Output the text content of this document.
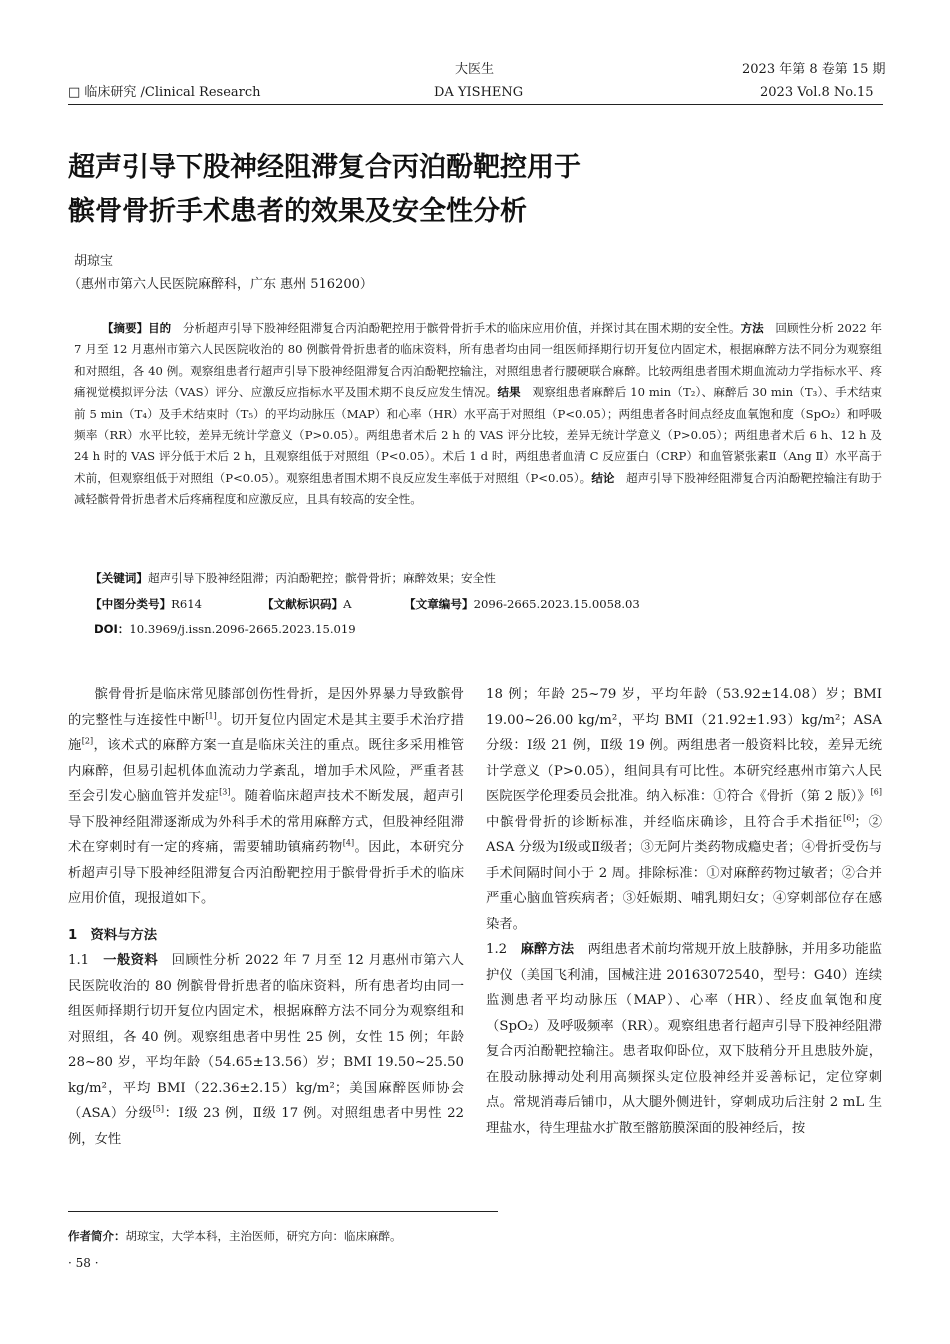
大医生
DA YISHENG
□ 临床研究 /Clinical Research
2023 年第 8 卷第 15 期
2023 Vol.8 No.15
超声引导下股神经阻滞复合丙泊酚靶控用于
髌骨骨折手术患者的效果及安全性分析
胡琼宝
（惠州市第六人民医院麻醉科，广东 惠州 516200）
【摘要】目的　 分析超声引导下股神经阻滞复合丙泊酚靶控用于髌骨骨折手术的临床应用价值，并探讨其在围术期的安全性。方法　 回顾性分析 2022 年 7 月至 12 月惠州市第六人民医院收治的 80 例髌骨骨折患者的临床资料，所有患者均由同一组医师择期行切开复位内固定术，根据麻醉方法不同分为观察组和对照组，各 40 例。观察组患者行超声引导下股神经阻滞复合丙泊酚靶控输注，对照组患者行腰硬联合麻醉。比较两组患者围术期血流动力学指标水平、疼痛视觉模拟评分法（VAS）评分、应激反应指标水平及围术期不良反应发生情况。结果　 观察组患者麻醉后 10 min（T₂）、麻醉后 30 min（T₃）、手术结束前 5 min（T₄）及手术结束时（T₅）的平均动脉压（MAP）和心率（HR）水平高于对照组（P<0.05）；两组患者各时间点经皮血氧饱和度（SpO₂）和呼吸频率（RR）水平比较，差异无统计学意义（P>0.05）。两组患者术后 2 h 的 VAS 评分比较，差异无统计学意义（P>0.05）；两组患者术后 6 h、12 h 及 24 h 时的 VAS 评分低于术后 2 h，且观察组低于对照组（P<0.05）。术后 1 d 时，两组患者血清 C 反应蛋白（CRP）和血管紧张素Ⅱ（Ang Ⅱ）水平高于术前，但观察组低于对照组（P<0.05）。观察组患者围术期不良反应发生率低于对照组（P<0.05）。结论　 超声引导下股神经阻滞复合丙泊酚靶控输注有助于减轻髌骨骨折患者术后疼痛程度和应激反应，且具有较高的安全性。
【关键词】超声引导下股神经阻滞；丙泊酚靶控；髌骨骨折；麻醉效果；安全性
【中图分类号】R614	【文献标识码】A	【文章编号】2096-2665.2023.15.0058.03
DOI：10.3969/j.issn.2096-2665.2023.15.019

髌骨骨折是临床常见膝部创伤性骨折，是因外界暴力导致髌骨的完整性与连接性中断[1]。切开复位内固定术是其主要手术治疗措施[2]，该术式的麻醉方案一直是临床关注的重点。既往多采用椎管内麻醉，但易引起机体血流动力学紊乱，增加手术风险，严重者甚至会引发心脑血管并发症[3]。随着临床超声技术不断发展，超声引导下股神经阻滞逐渐成为外科手术的常用麻醉方式，但股神经阻滞术在穿刺时有一定的疼痛，需要辅助镇痛药物[4]。因此，本研究分析超声引导下股神经阻滞复合丙泊酚靶控用于髌骨骨折手术的临床应用价值，现报道如下。

1　资料与方法

1.1　一般资料　回顾性分析 2022 年 7 月至 12 月惠州市第六人民医院收治的 80 例髌骨骨折患者的临床资料，所有患者均由同一组医师择期行切开复位内固定术，根据麻醉方法不同分为观察组和对照组，各 40 例。观察组患者中男性 25 例，女性 15 例；年龄 28~80 岁，平均年龄（54.65±13.56）岁；BMI 19.50~25.50 kg/m²，平均 BMI（22.36±2.15）kg/m²；美国麻醉医师协会（ASA）分级[5]：Ⅰ级 23 例，Ⅱ级 17 例。对照组患者中男性 22 例，女性

18 例；年龄 25~79 岁，平均年龄（53.92±14.08）岁；BMI 19.00~26.00 kg/m²，平均 BMI（21.92±1.93）kg/m²；ASA 分级：Ⅰ级 21 例，Ⅱ级 19 例。两组患者一般资料比较，差异无统计学意义（P>0.05），组间具有可比性。本研究经惠州市第六人民医院医学伦理委员会批准。纳入标准：①符合《骨折（第 2 版）》[6]中髌骨骨折的诊断标准，并经临床确诊，且符合手术指征[6]；② ASA 分级为Ⅰ级或Ⅱ级者；③无阿片类药物成瘾史者；④骨折受伤与手术间隔时间小于 2 周。排除标准：①对麻醉药物过敏者；②合并严重心脑血管疾病者；③妊娠期、哺乳期妇女；④穿刺部位存在感染者。

1.2　麻醉方法　两组患者术前均常规开放上肢静脉，并用多功能监护仪（美国飞利浦，国械注进 20163072540，型号：G40）连续监测患者平均动脉压（MAP）、心率（HR）、经皮血氧饱和度（SpO₂）及呼吸频率（RR）。观察组患者行超声引导下股神经阻滞复合丙泊酚靶控输注。患者取仰卧位，双下肢稍分开且患肢外旋，在股动脉搏动处利用高频探头定位股神经并妥善标记，定位穿刺点。常规消毒后铺巾，从大腿外侧进针，穿刺成功后注射 2 mL 生理盐水，待生理盐水扩散至髂筋膜深面的股神经后，按

作者简介：胡琼宝，大学本科，主治医师，研究方向：临床麻醉。
· 58 ·
